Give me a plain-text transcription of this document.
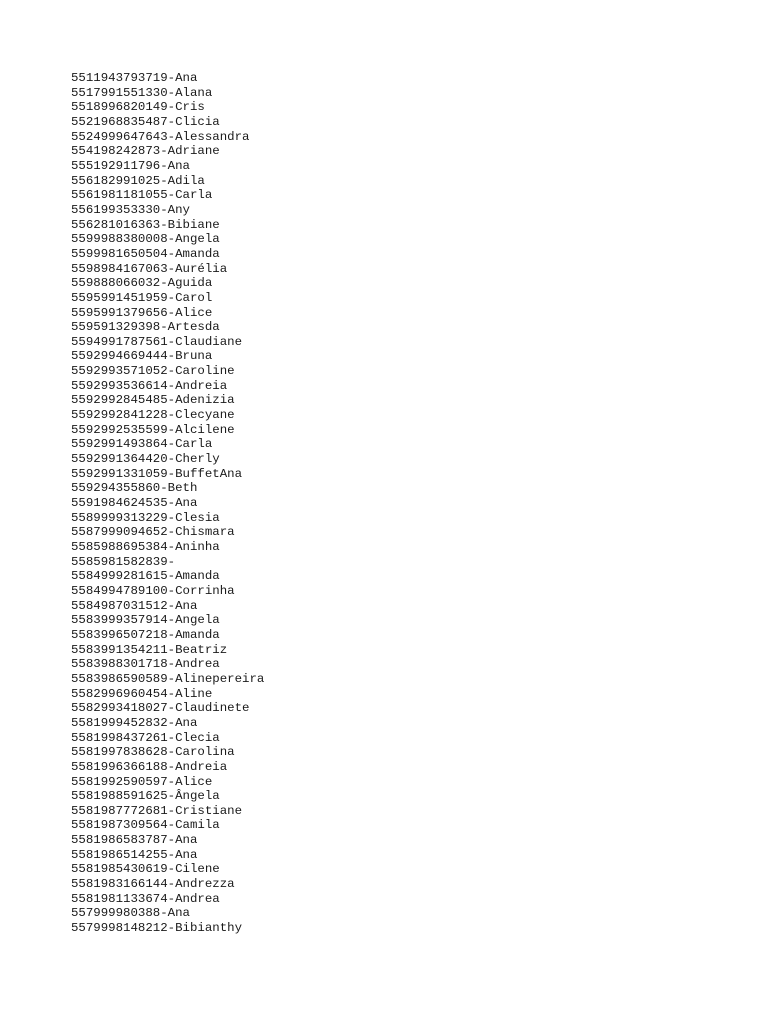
5511943793719-Ana
5517991551330-Alana
5518996820149-Cris
5521968835487-Clicia
5524999647643-Alessandra
554198242873-Adriane
555192911796-Ana
556182991025-Adila
5561981181055-Carla
556199353330-Any
556281016363-Bibiane
5599988380008-Angela
5599981650504-Amanda
5598984167063-Aurélia
559888066032-Aguida
5595991451959-Carol
5595991379656-Alice
559591329398-Artesda
5594991787561-Claudiane
5592994669444-Bruna
5592993571052-Caroline
5592993536614-Andreia
5592992845485-Adenizia
5592992841228-Clecyane
5592992535599-Alcilene
5592991493864-Carla
5592991364420-Cherly
5592991331059-BuffetAna
559294355860-Beth
5591984624535-Ana
5589999313229-Clesia
5587999094652-Chismara
5585988695384-Aninha
5585981582839-
5584999281615-Amanda
5584994789100-Corrinha
5584987031512-Ana
5583999357914-Angela
5583996507218-Amanda
5583991354211-Beatriz
5583988301718-Andrea
5583986590589-Alinepereira
5582996960454-Aline
5582993418027-Claudinete
5581999452832-Ana
5581998437261-Clecia
5581997838628-Carolina
5581996366188-Andreia
5581992590597-Alice
5581988591625-Ângela
5581987772681-Cristiane
5581987309564-Camila
5581986583787-Ana
5581986514255-Ana
5581985430619-Cilene
5581983166144-Andrezza
5581981133674-Andrea
557999980388-Ana
5579998148212-Bibianthy
